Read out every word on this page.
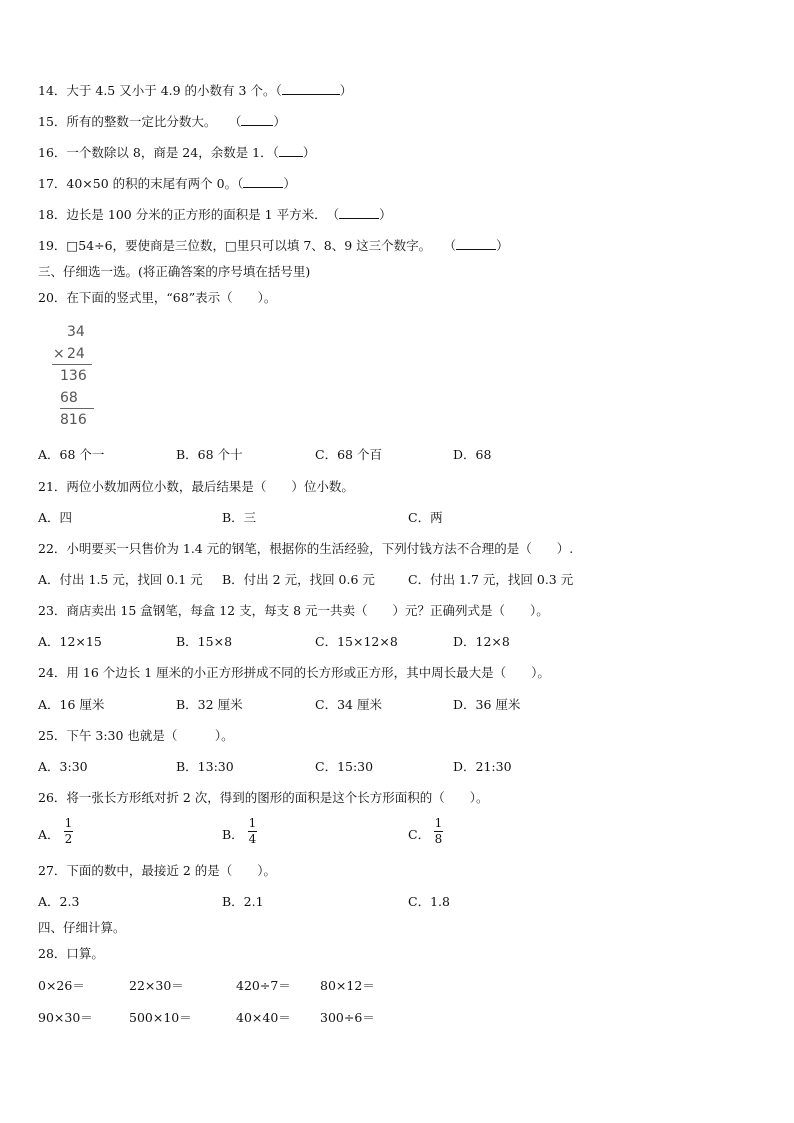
14．大于 4.5 又小于 4.9 的小数有 3 个。（	）
15．所有的整数一定比分数大。　　（	）
16．一个数除以 8，商是 24，余数是 1．（ ）
17．40×50 的积的末尾有两个 0。（	）
18．边长是 100 分米的正方形的面积是 1 平方米．　（	）
19．□54÷6，要使商是三位数，□里只可以填 7、8、9 这三个数字。　　（	）
三、仔细选一选。(将正确答案的序号填在括号里)
20．在下面的竖式里，“68”表示（　　）。
34
× 24
136
68
816
A．68 个一	B．68 个十	C．68 个百	D．68
21．两位小数加两位小数，最后结果是（　　）位小数。
A．四	B．三	C．两
22．小明要买一只售价为 1.4 元的钢笔，根据你的生活经验，下列付钱方法不合理的是（　　）.
A．付出 1.5 元，找回 0.1 元 B．付出 2 元，找回 0.6 元	C．付出 1.7 元，找回 0.3 元
23．商店卖出 15 盒钢笔，每盒 12 支，每支 8 元一共卖（　　）元？正确列式是（　　）。
A．12×15	B．15×8	C．15×12×8	D．12×8
24．用 16 个边长 1 厘米的小正方形拼成不同的长方形或正方形，其中周长最大是（　　）。
A．16 厘米	B．32 厘米	C．34 厘米	D．36 厘米
25．下午 3:30 也就是（　　　）。
A．3:30	B．13:30	C．15:30	D．21:30
26．将一张长方形纸对折 2 次，得到的图形的面积是这个长方形面积的（　　）。
A．
1
2	B．
1
4	C．
1
8
27．下面的数中，最接近 2 的是（　　）。
A．2.3	B．2.1	C．1.8
四、仔细计算。
28．口算。
0×26＝	22×30＝	420÷7＝ 80×12＝
90×30＝	500×10＝	40×40＝ 300÷6＝
